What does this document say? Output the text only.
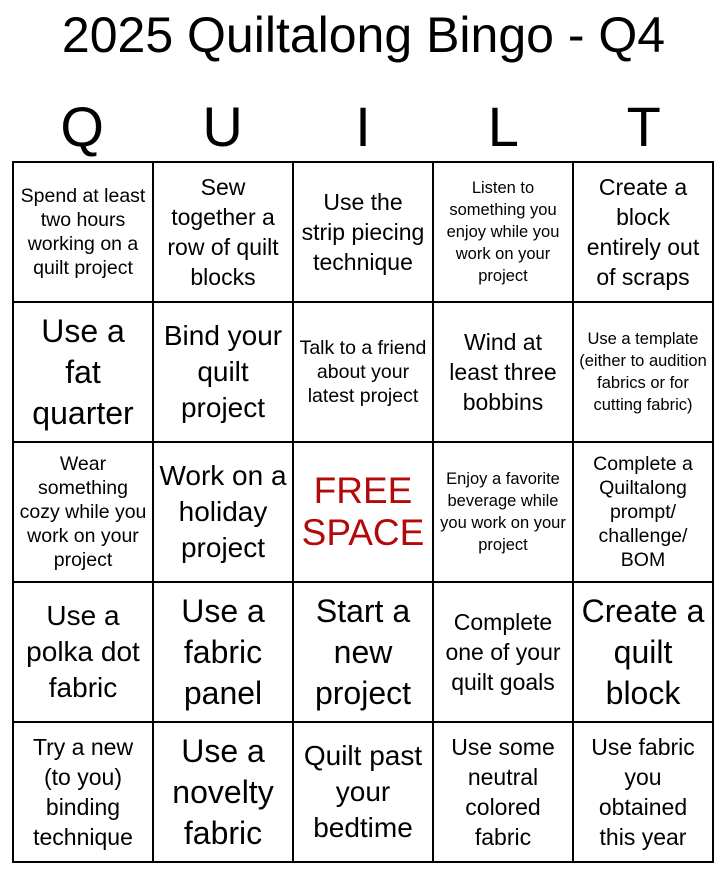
2025 Quiltalong Bingo - Q4
Q	U	I	L	T
Spend at least two hours working on a quilt project
Sew together a row of quilt blocks
Use the strip piecing technique
Listen to something you enjoy while you work on your project
Create a block entirely out of scraps
Use a fat quarter
Bind your quilt project
Talk to a friend about your latest project
Wind at least three bobbins
Use a template (either to audition fabrics or for cutting fabric)
Wear something cozy while you work on your project
Work on a holiday project
FREE SPACE
Enjoy a favorite beverage while you work on your project
Complete a Quiltalong prompt/ challenge/ BOM
Use a polka dot fabric
Use a fabric panel
Start a new project
Complete one of your quilt goals
Create a quilt block
Try a new (to you) binding technique
Use a novelty fabric
Quilt past your bedtime
Use some neutral colored fabric
Use fabric you obtained this year
